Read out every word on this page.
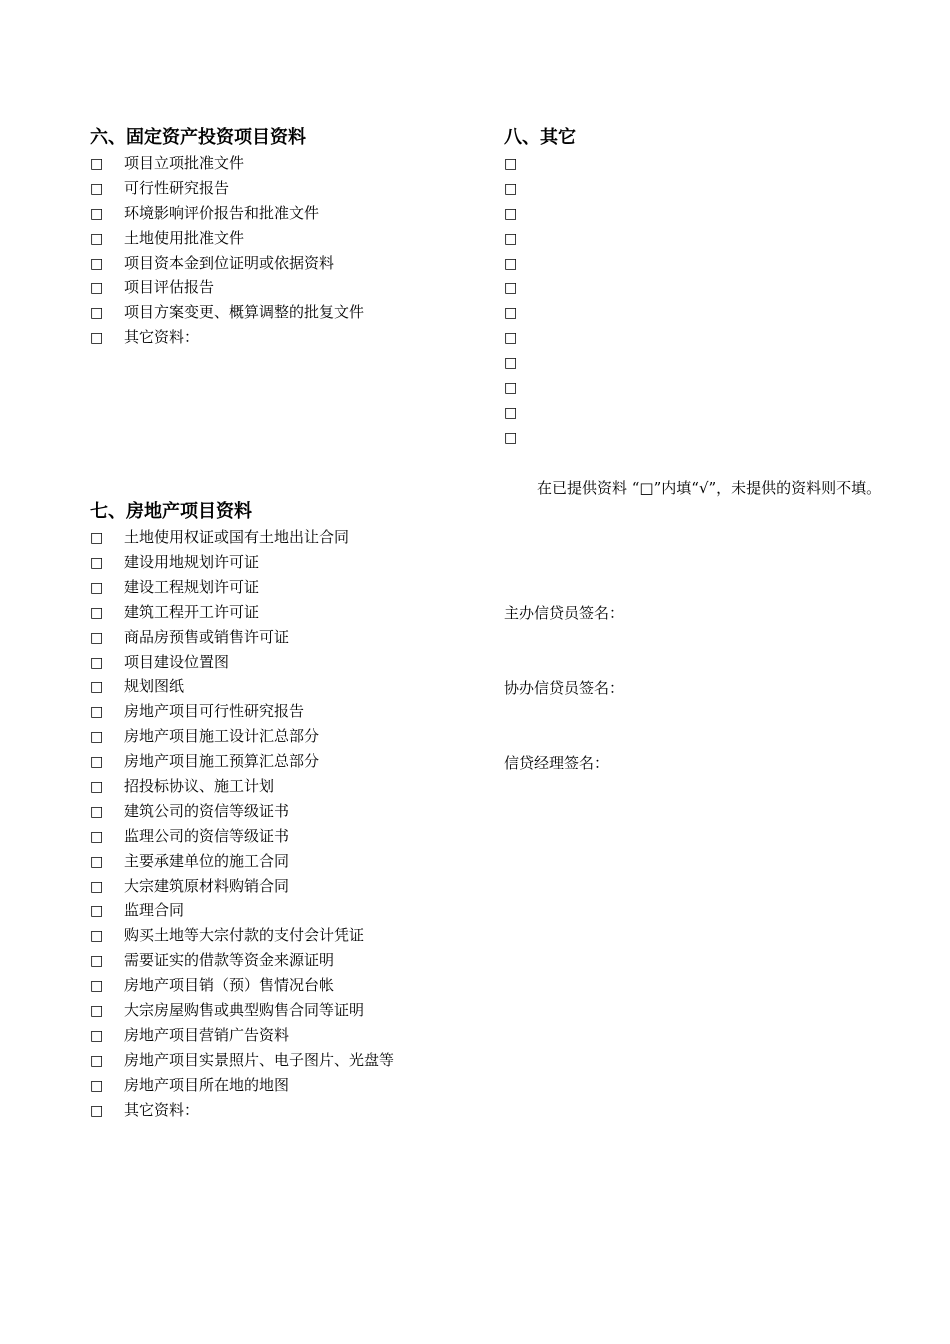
六、固定资产投资项目资料
□ 项目立项批准文件
□ 可行性研究报告
□ 环境影响评价报告和批准文件
□ 土地使用批准文件
□ 项目资本金到位证明或依据资料
□ 项目评估报告
□ 项目方案变更、概算调整的批复文件
□ 其它资料：
七、房地产项目资料
□ 土地使用权证或国有土地出让合同
□ 建设用地规划许可证
□ 建设工程规划许可证
□ 建筑工程开工许可证
□ 商品房预售或销售许可证
□ 项目建设位置图
□ 规划图纸
□ 房地产项目可行性研究报告
□ 房地产项目施工设计汇总部分
□ 房地产项目施工预算汇总部分
□ 招投标协议、施工计划
□ 建筑公司的资信等级证书
□ 监理公司的资信等级证书
□ 主要承建单位的施工合同
□ 大宗建筑原材料购销合同
□ 监理合同
□ 购买土地等大宗付款的支付会计凭证
□ 需要证实的借款等资金来源证明
□ 房地产项目销（预）售情况台帐
□ 大宗房屋购售或典型购售合同等证明
□ 房地产项目营销广告资料
□ 房地产项目实景照片、电子图片、光盘等
□ 房地产项目所在地的地图
□ 其它资料：
八、其它
□
□
□
□
□
□
□
□
□
□
□
□
在已提供资料 “□”内填“√”，未提供的资料则不填。
主办信贷员签名：
协办信贷员签名：
信贷经理签名：
